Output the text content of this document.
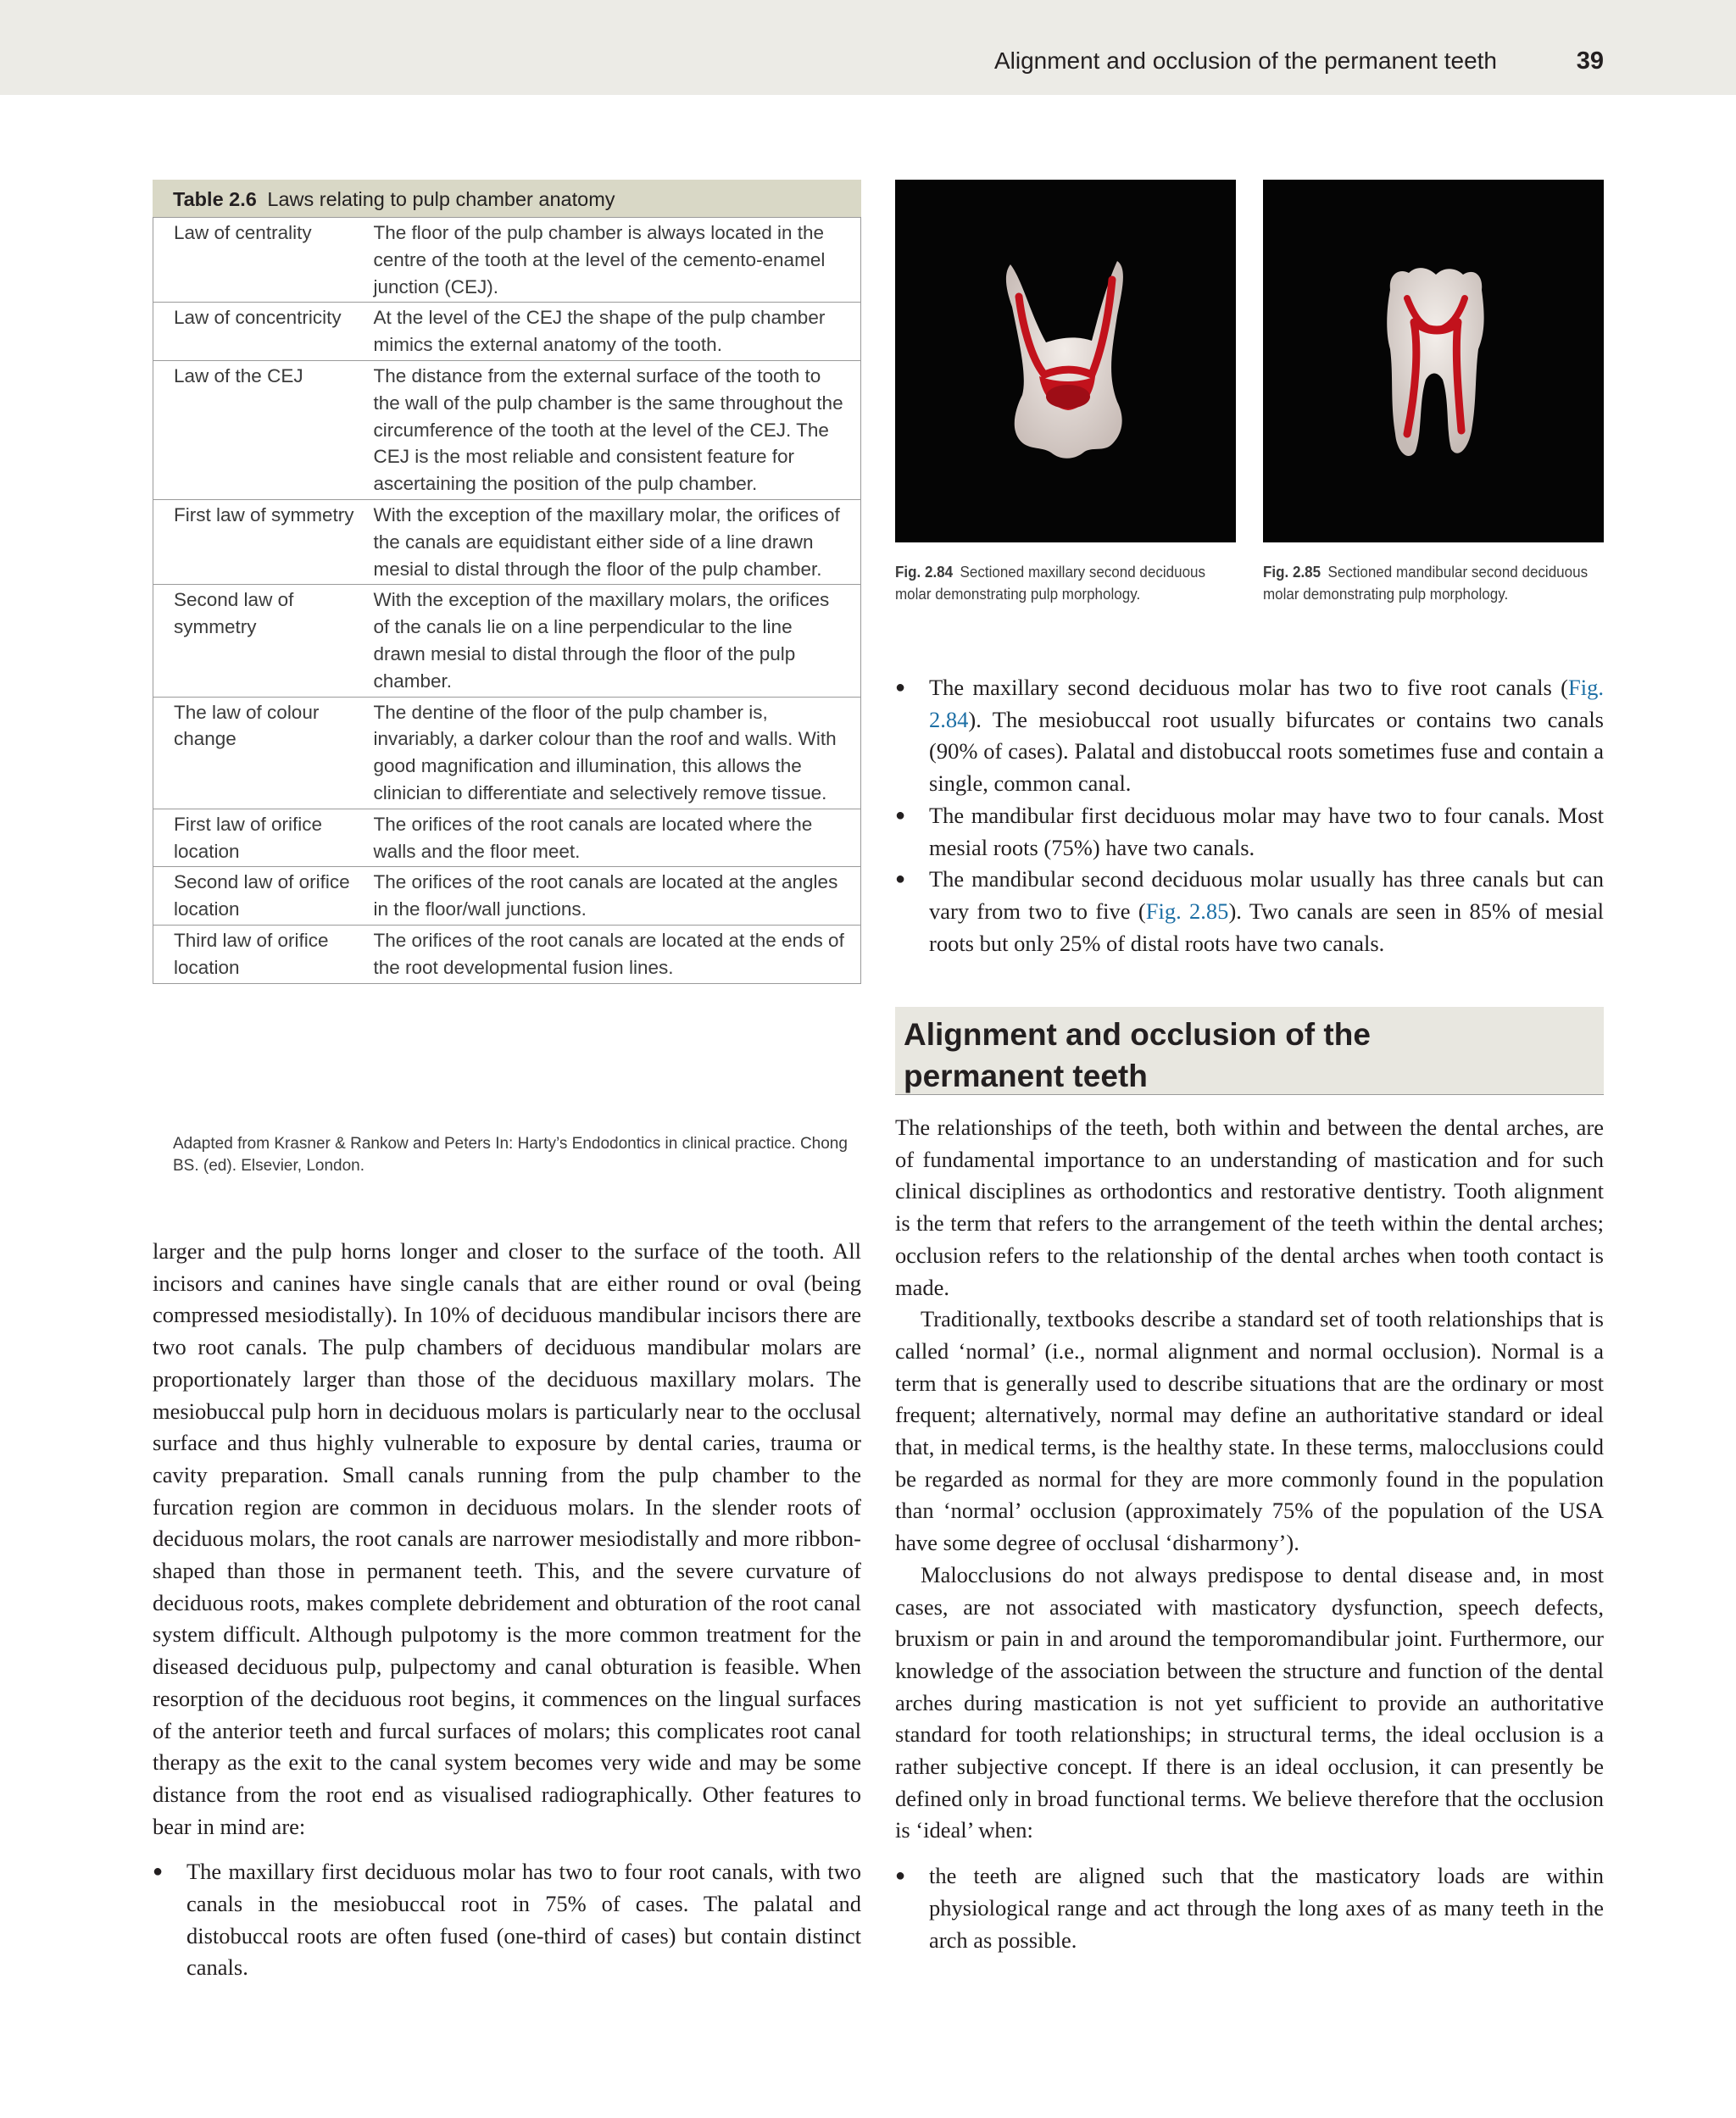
Alignment and occlusion of the permanent teeth	39
Table 2.6 Laws relating to pulp chamber anatomy
Law of centrality	The floor of the pulp chamber is always located in the centre of the tooth at the level of the cemento-enamel junction (CEJ).
Law of concentricity	At the level of the CEJ the shape of the pulp chamber mimics the external anatomy of the tooth.
Law of the CEJ	The distance from the external surface of the tooth to the wall of the pulp chamber is the same throughout the circumference of the tooth at the level of the CEJ. The CEJ is the most reliable and consistent feature for ascertaining the position of the pulp chamber.
First law of symmetry	With the exception of the maxillary molar, the orifices of the canals are equidistant either side of a line drawn mesial to distal through the floor of the pulp chamber.
Second law of symmetry	With the exception of the maxillary molars, the orifices of the canals lie on a line perpendicular to the line drawn mesial to distal through the floor of the pulp chamber.
The law of colour change	The dentine of the floor of the pulp chamber is, invariably, a darker colour than the roof and walls. With good magnification and illumination, this allows the clinician to differentiate and selectively remove tissue.
First law of orifice location	The orifices of the root canals are located where the walls and the floor meet.
Second law of orifice location	The orifices of the root canals are located at the angles in the floor/wall junctions.
Third law of orifice location	The orifices of the root canals are located at the ends of the root developmental fusion lines.
Adapted from Krasner & Rankow and Peters In: Harty’s Endodontics in clinical practice. Chong BS. (ed). Elsevier, London.
Fig. 2.84 Sectioned maxillary second deciduous molar demonstrating pulp morphology.
Fig. 2.85 Sectioned mandibular second deciduous molar demonstrating pulp morphology.

larger and the pulp horns longer and closer to the surface of the tooth. All incisors and canines have single canals that are either round or oval (being compressed mesiodistally). In 10% of deciduous mandibular incisors there are two root canals. The pulp chambers of deciduous mandibular molars are proportionately larger than those of the deciduous maxillary molars. The mesiobuccal pulp horn in deciduous molars is particularly near to the occlusal surface and thus highly vulnerable to exposure by dental caries, trauma or cavity preparation. Small canals running from the pulp chamber to the furcation region are common in deciduous molars. In the slender roots of deciduous molars, the root canals are narrower mesiodistally and more ribbon-shaped than those in permanent teeth. This, and the severe curvature of deciduous roots, makes complete debridement and obturation of the root canal system difficult. Although pulpotomy is the more common treatment for the diseased deciduous pulp, pulpectomy and canal obturation is feasible. When resorption of the deciduous root begins, it commences on the lingual surfaces of the anterior teeth and furcal surfaces of molars; this complicates root canal therapy as the exit to the canal system becomes very wide and may be some distance from the root end as visualised radiographically. Other features to bear in mind are:

● The maxillary first deciduous molar has two to four root canals, with two canals in the mesiobuccal root in 75% of cases. The palatal and distobuccal roots are often fused (one-third of cases) but contain distinct canals.
● The maxillary second deciduous molar has two to five root canals (Fig. 2.84). The mesiobuccal root usually bifurcates or contains two canals (90% of cases). Palatal and distobuccal roots sometimes fuse and contain a single, common canal.
● The mandibular first deciduous molar may have two to four canals. Most mesial roots (75%) have two canals.
● The mandibular second deciduous molar usually has three canals but can vary from two to five (Fig. 2.85). Two canals are seen in 85% of mesial roots but only 25% of distal roots have two canals.
Alignment and occlusion of the
permanent teeth

The relationships of the teeth, both within and between the dental arches, are of fundamental importance to an understanding of mastication and for such clinical disciplines as orthodontics and restorative dentistry. Tooth alignment is the term that refers to the arrangement of the teeth within the dental arches; occlusion refers to the relationship of the dental arches when tooth contact is made.

Traditionally, textbooks describe a standard set of tooth relationships that is called ‘normal’ (i.e., normal alignment and normal occlusion). Normal is a term that is generally used to describe situations that are the ordinary or most frequent; alternatively, normal may define an authoritative standard or ideal that, in medical terms, is the healthy state. In these terms, malocclusions could be regarded as normal for they are more commonly found in the population than ‘normal’ occlusion (approximately 75% of the population of the USA have some degree of occlusal ‘disharmony’).

Malocclusions do not always predispose to dental disease and, in most cases, are not associated with masticatory dysfunction, speech defects, bruxism or pain in and around the temporomandibular joint. Furthermore, our knowledge of the association between the structure and function of the dental arches during mastication is not yet sufficient to provide an authoritative standard for tooth relationships; in structural terms, the ideal occlusion is a rather subjective concept. If there is an ideal occlusion, it can presently be defined only in broad functional terms. We believe therefore that the occlusion is ‘ideal’ when:

● the teeth are aligned such that the masticatory loads are within physiological range and act through the long axes of as many teeth in the arch as possible.
